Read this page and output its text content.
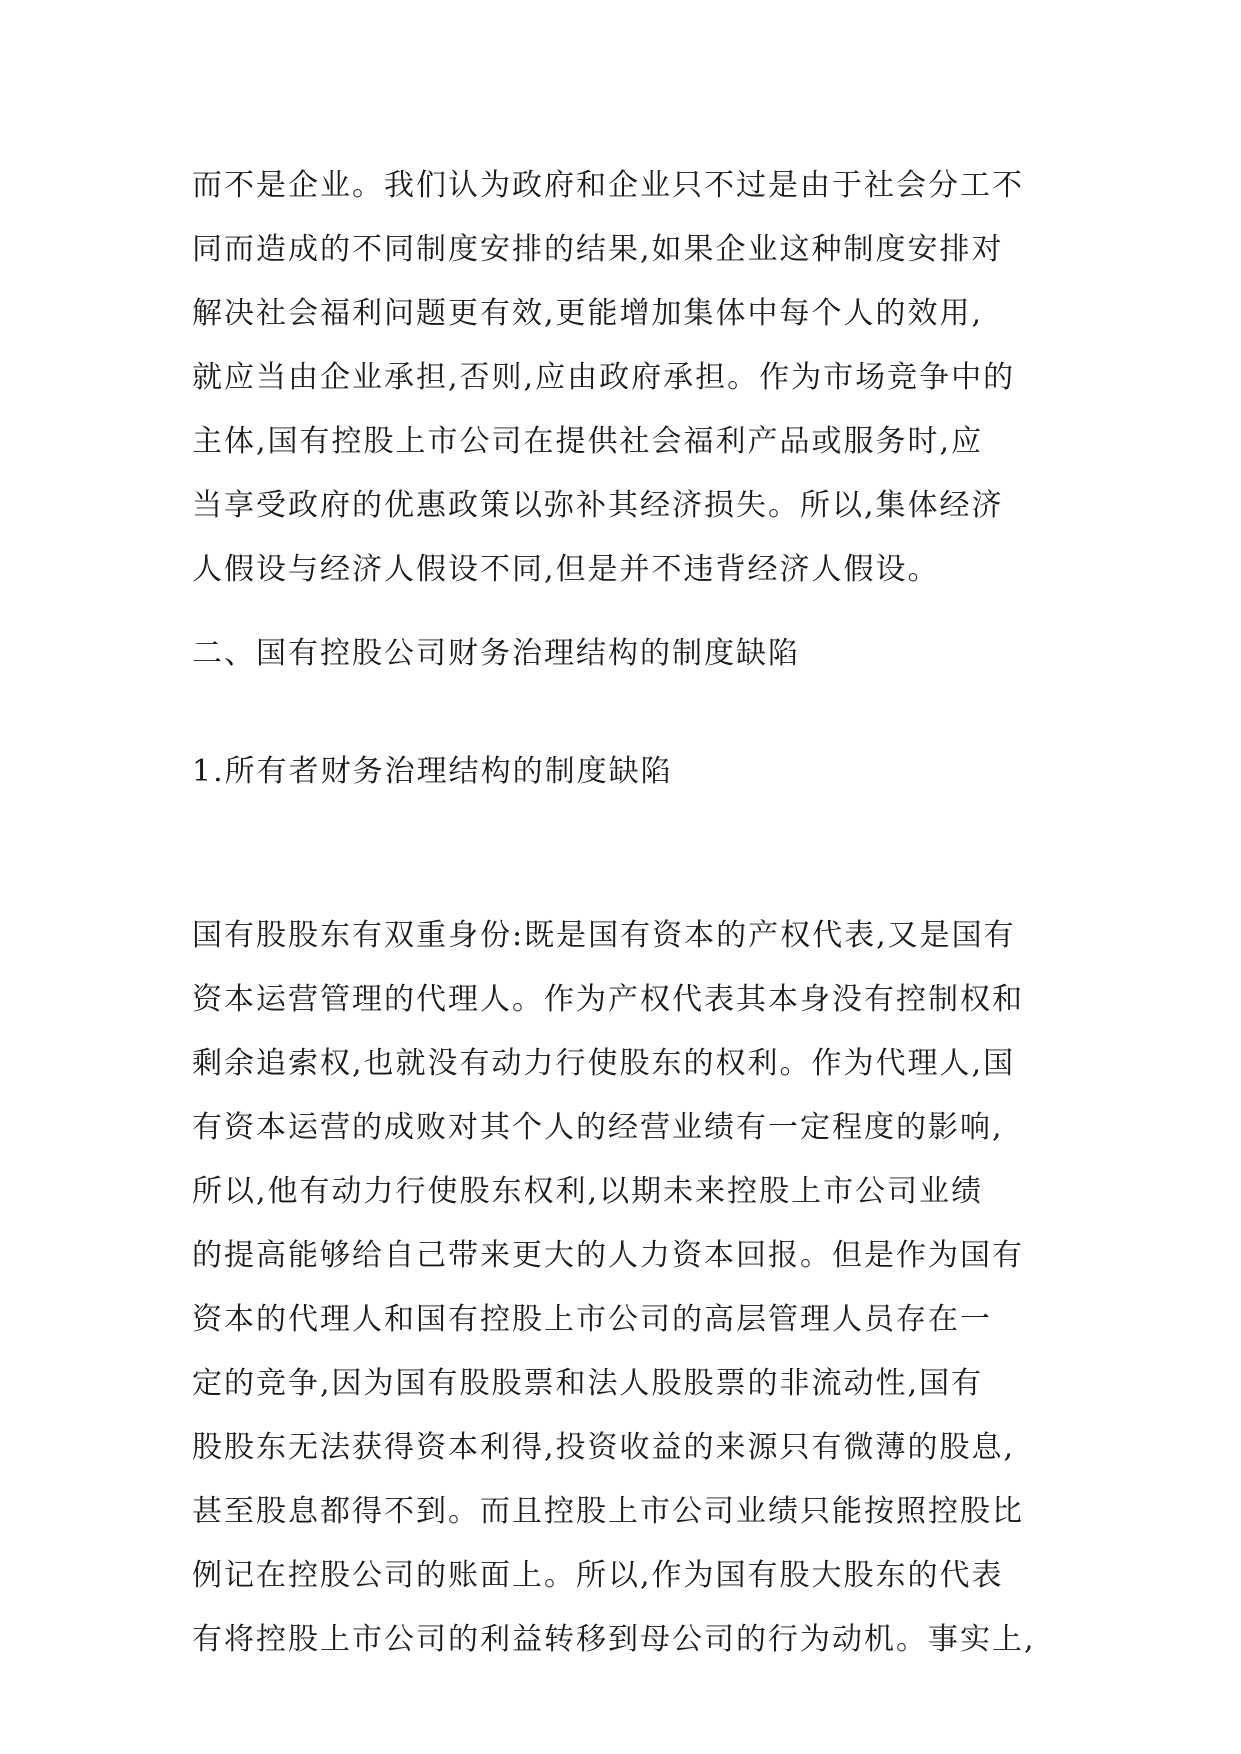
而不是企业。我们认为政府和企业只不过是由于社会分工不
同而造成的不同制度安排的结果,如果企业这种制度安排对
解决社会福利问题更有效,更能增加集体中每个人的效用,
就应当由企业承担,否则,应由政府承担。作为市场竞争中的
主体,国有控股上市公司在提供社会福利产品或服务时,应
当享受政府的优惠政策以弥补其经济损失。所以,集体经济
人假设与经济人假设不同,但是并不违背经济人假设。
二、国有控股公司财务治理结构的制度缺陷
1.所有者财务治理结构的制度缺陷
国有股股东有双重身份:既是国有资本的产权代表,又是国有
资本运营管理的代理人。作为产权代表其本身没有控制权和
剩余追索权,也就没有动力行使股东的权利。作为代理人,国
有资本运营的成败对其个人的经营业绩有一定程度的影响,
所以,他有动力行使股东权利,以期未来控股上市公司业绩
的提高能够给自己带来更大的人力资本回报。但是作为国有
资本的代理人和国有控股上市公司的高层管理人员存在一
定的竞争,因为国有股股票和法人股股票的非流动性,国有
股股东无法获得资本利得,投资收益的来源只有微薄的股息,
甚至股息都得不到。而且控股上市公司业绩只能按照控股比
例记在控股公司的账面上。所以,作为国有股大股东的代表
有将控股上市公司的利益转移到母公司的行为动机。事实上,
